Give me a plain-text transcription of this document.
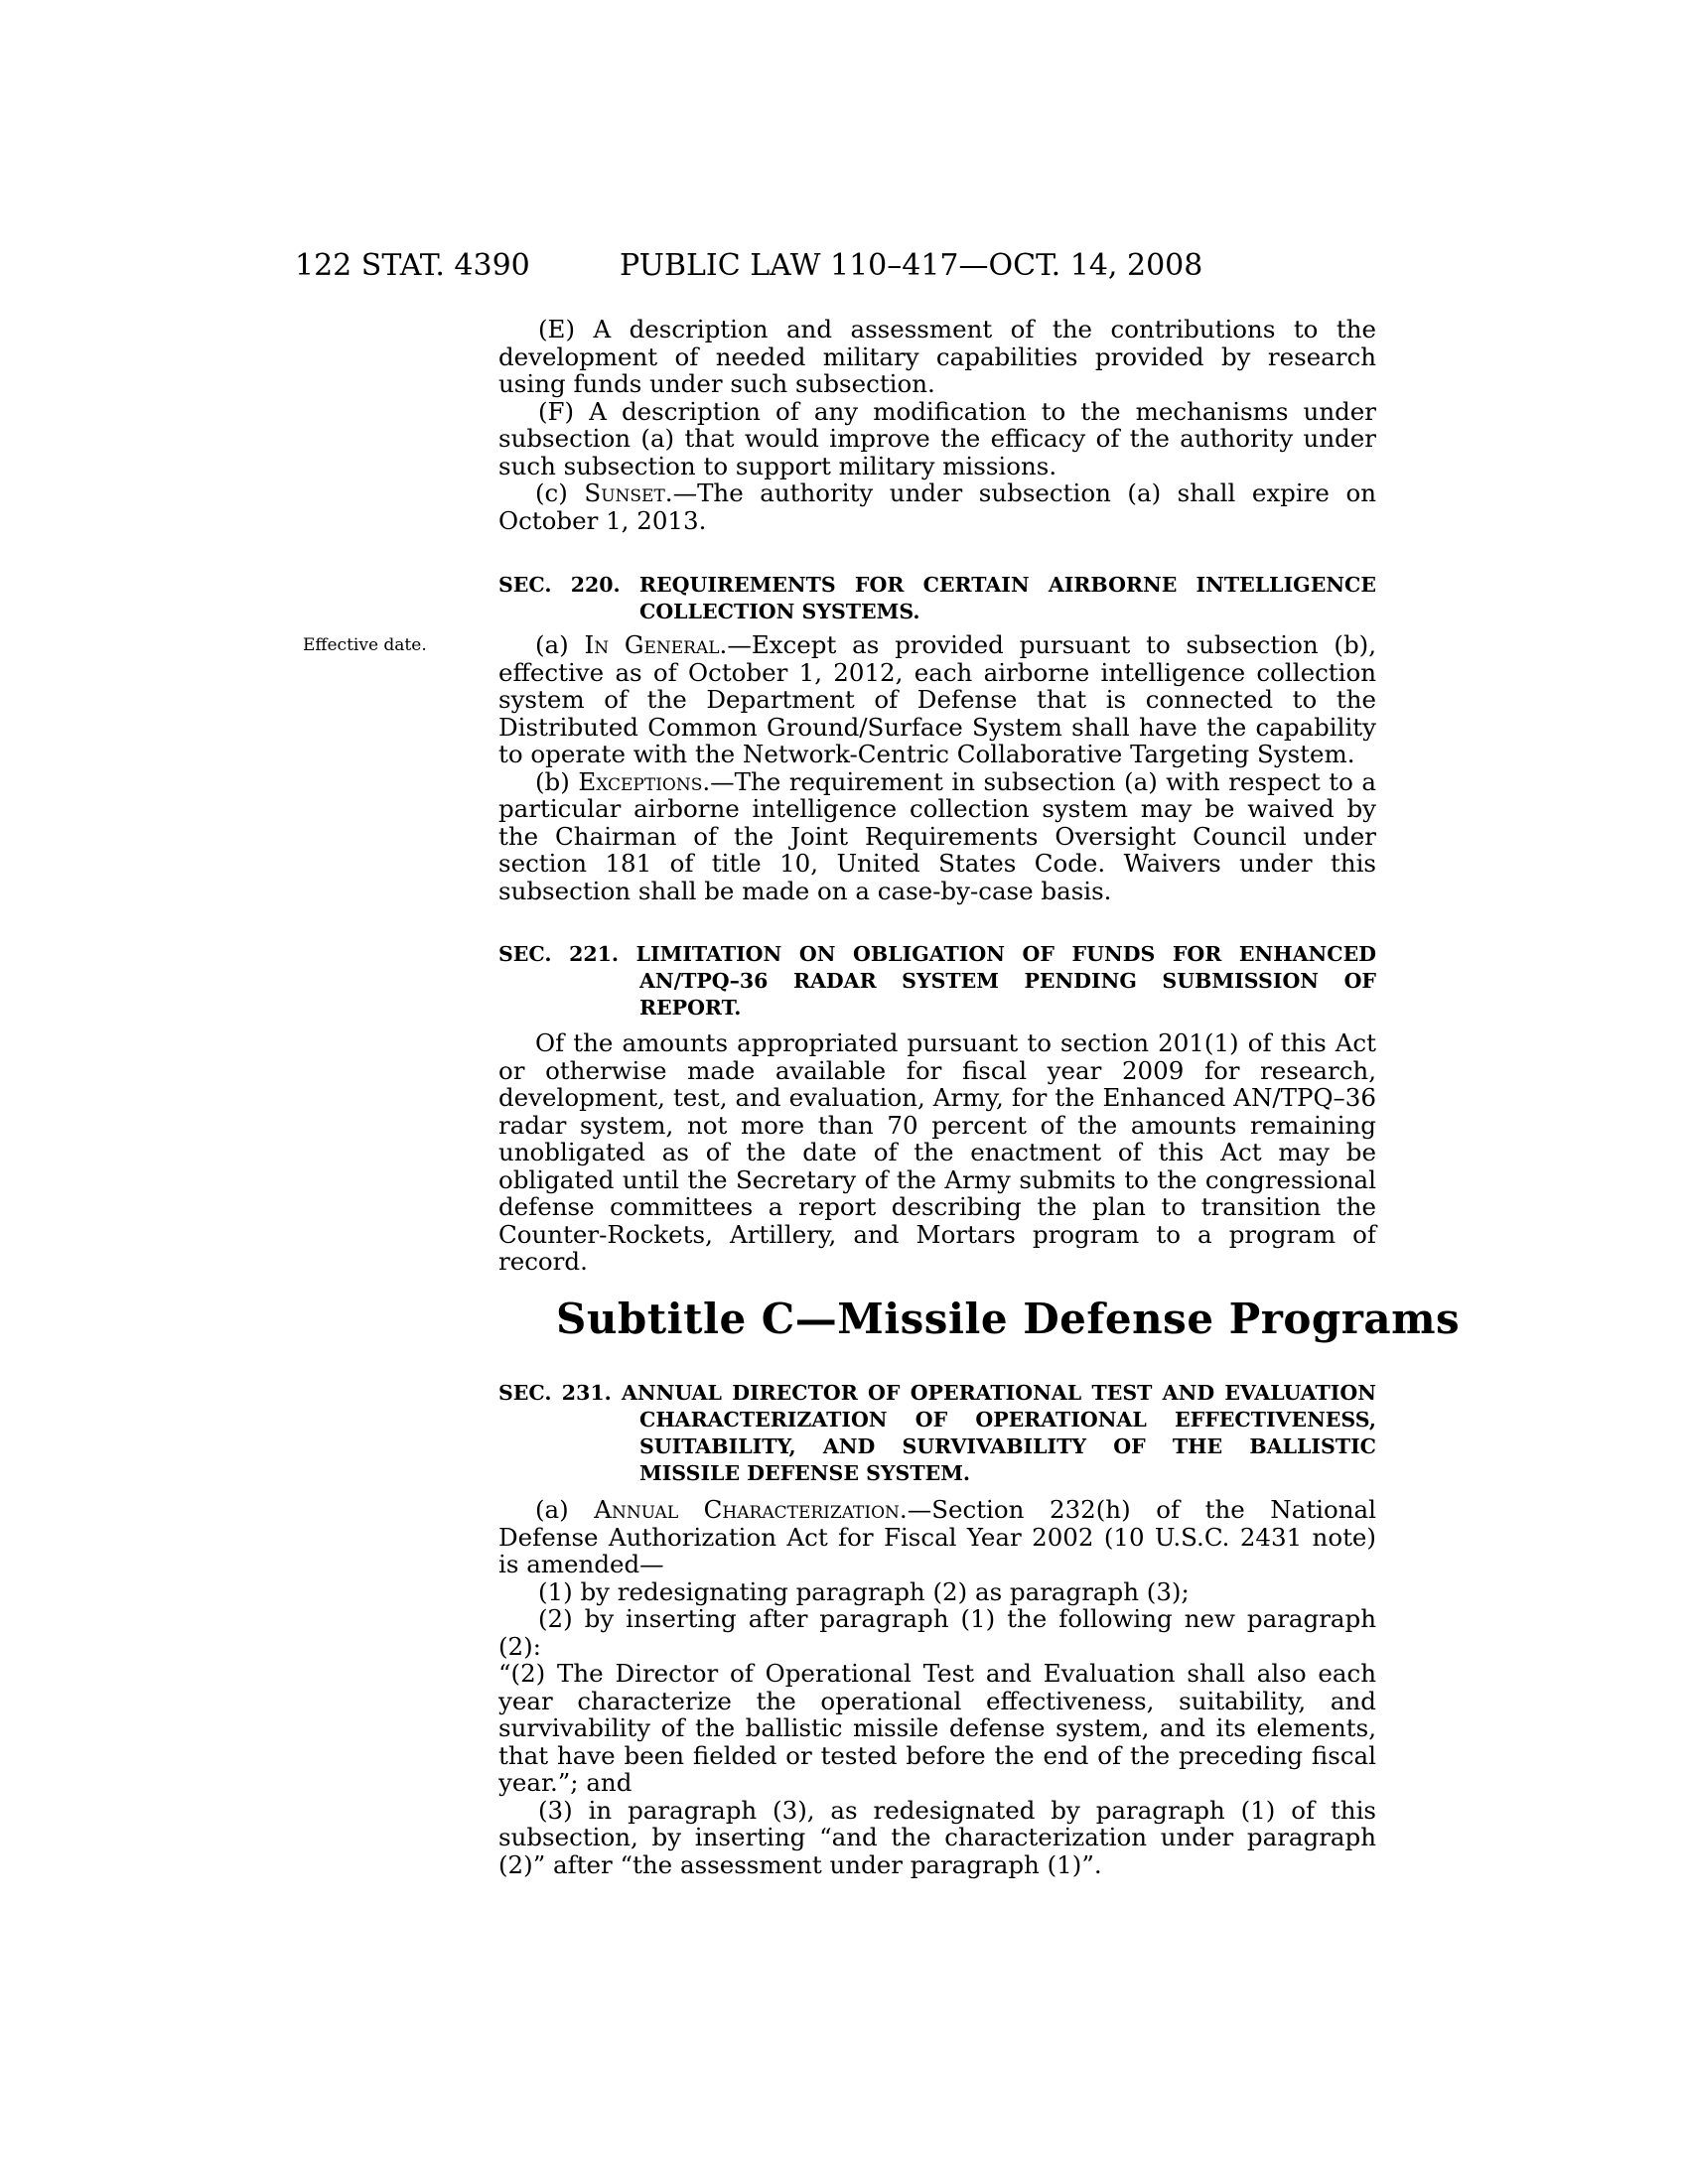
122 STAT. 4390	PUBLIC LAW 110–417—OCT. 14, 2008
Effective date.

(E) A description and assessment of the contributions to the development of needed military capabilities provided by research using funds under such subsection.

(F) A description of any modification to the mechanisms under subsection (a) that would improve the efficacy of the authority under such subsection to support military missions.

(c) Sunset.—The authority under subsection (a) shall expire on October 1, 2013.

SEC. 220. REQUIREMENTS FOR CERTAIN AIRBORNE INTELLIGENCE COLLECTION SYSTEMS.

(a) In General.—Except as provided pursuant to subsection (b), effective as of October 1, 2012, each airborne intelligence collection system of the Department of Defense that is connected to the Distributed Common Ground/Surface System shall have the capability to operate with the Network-Centric Collaborative Targeting System.

(b) Exceptions.—The requirement in subsection (a) with respect to a particular airborne intelligence collection system may be waived by the Chairman of the Joint Requirements Oversight Council under section 181 of title 10, United States Code. Waivers under this subsection shall be made on a case-by-case basis.

SEC. 221. LIMITATION ON OBLIGATION OF FUNDS FOR ENHANCED AN/TPQ–36 RADAR SYSTEM PENDING SUBMISSION OF REPORT.

Of the amounts appropriated pursuant to section 201(1) of this Act or otherwise made available for fiscal year 2009 for research, development, test, and evaluation, Army, for the Enhanced AN/TPQ–36 radar system, not more than 70 percent of the amounts remaining unobligated as of the date of the enactment of this Act may be obligated until the Secretary of the Army submits to the congressional defense committees a report describing the plan to transition the Counter-Rockets, Artillery, and Mortars program to a program of record.

Subtitle C—Missile Defense Programs

SEC. 231. ANNUAL DIRECTOR OF OPERATIONAL TEST AND EVALUATION CHARACTERIZATION OF OPERATIONAL EFFECTIVENESS, SUITABILITY, AND SURVIVABILITY OF THE BALLISTIC MISSILE DEFENSE SYSTEM.

(a) Annual Characterization.—Section 232(h) of the National Defense Authorization Act for Fiscal Year 2002 (10 U.S.C. 2431 note) is amended—

(1) by redesignating paragraph (2) as paragraph (3);

(2) by inserting after paragraph (1) the following new paragraph (2):

“(2) The Director of Operational Test and Evaluation shall also each year characterize the operational effectiveness, suitability, and survivability of the ballistic missile defense system, and its elements, that have been fielded or tested before the end of the preceding fiscal year.”; and

(3) in paragraph (3), as redesignated by paragraph (1) of this subsection, by inserting “and the characterization under paragraph (2)” after “the assessment under paragraph (1)”.
